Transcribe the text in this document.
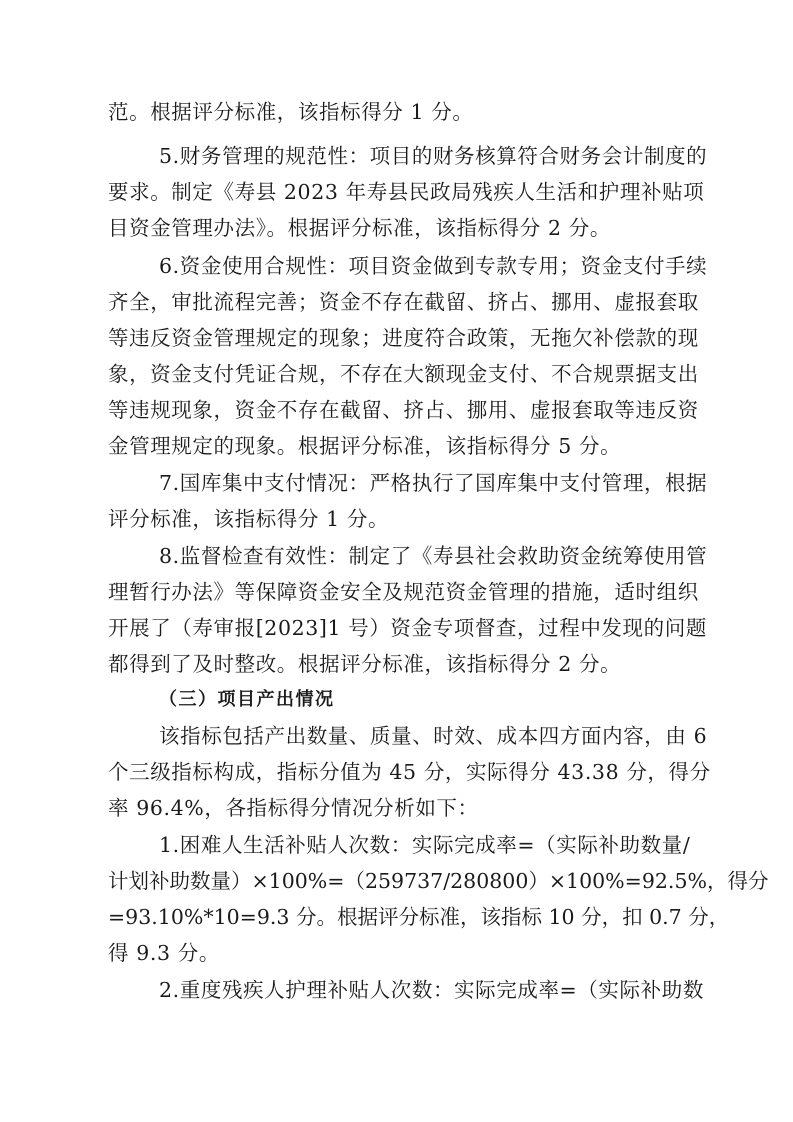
范。根据评分标准，该指标得分 1 分。
5.财务管理的规范性：项目的财务核算符合财务会计制度的
要求。制定《寿县 2023 年寿县民政局残疾人生活和护理补贴项
目资金管理办法》。根据评分标准，该指标得分 2 分。
6.资金使用合规性：项目资金做到专款专用；资金支付手续
齐全，审批流程完善；资金不存在截留、挤占、挪用、虚报套取
等违反资金管理规定的现象；进度符合政策，无拖欠补偿款的现
象，资金支付凭证合规，不存在大额现金支付、不合规票据支出
等违规现象，资金不存在截留、挤占、挪用、虚报套取等违反资
金管理规定的现象。根据评分标准，该指标得分 5 分。
7.国库集中支付情况：严格执行了国库集中支付管理，根据
评分标准，该指标得分 1 分。
8.监督检查有效性：制定了《寿县社会救助资金统筹使用管
理暂行办法》等保障资金安全及规范资金管理的措施，适时组织
开展了（寿审报[2023]1 号）资金专项督查，过程中发现的问题
都得到了及时整改。根据评分标准，该指标得分 2 分。
（三）项目产出情况
该指标包括产出数量、质量、时效、成本四方面内容，由 6
个三级指标构成，指标分值为 45 分，实际得分 43.38 分，得分
率 96.4%，各指标得分情况分析如下：
1.困难人生活补贴人次数：实际完成率=（实际补助数量/
计划补助数量）×100%=（259737/280800）×100%=92.5%，得分
=93.10%*10=9.3 分。根据评分标准，该指标 10 分，扣 0.7 分，
得 9.3 分。
2.重度残疾人护理补贴人次数：实际完成率=（实际补助数
